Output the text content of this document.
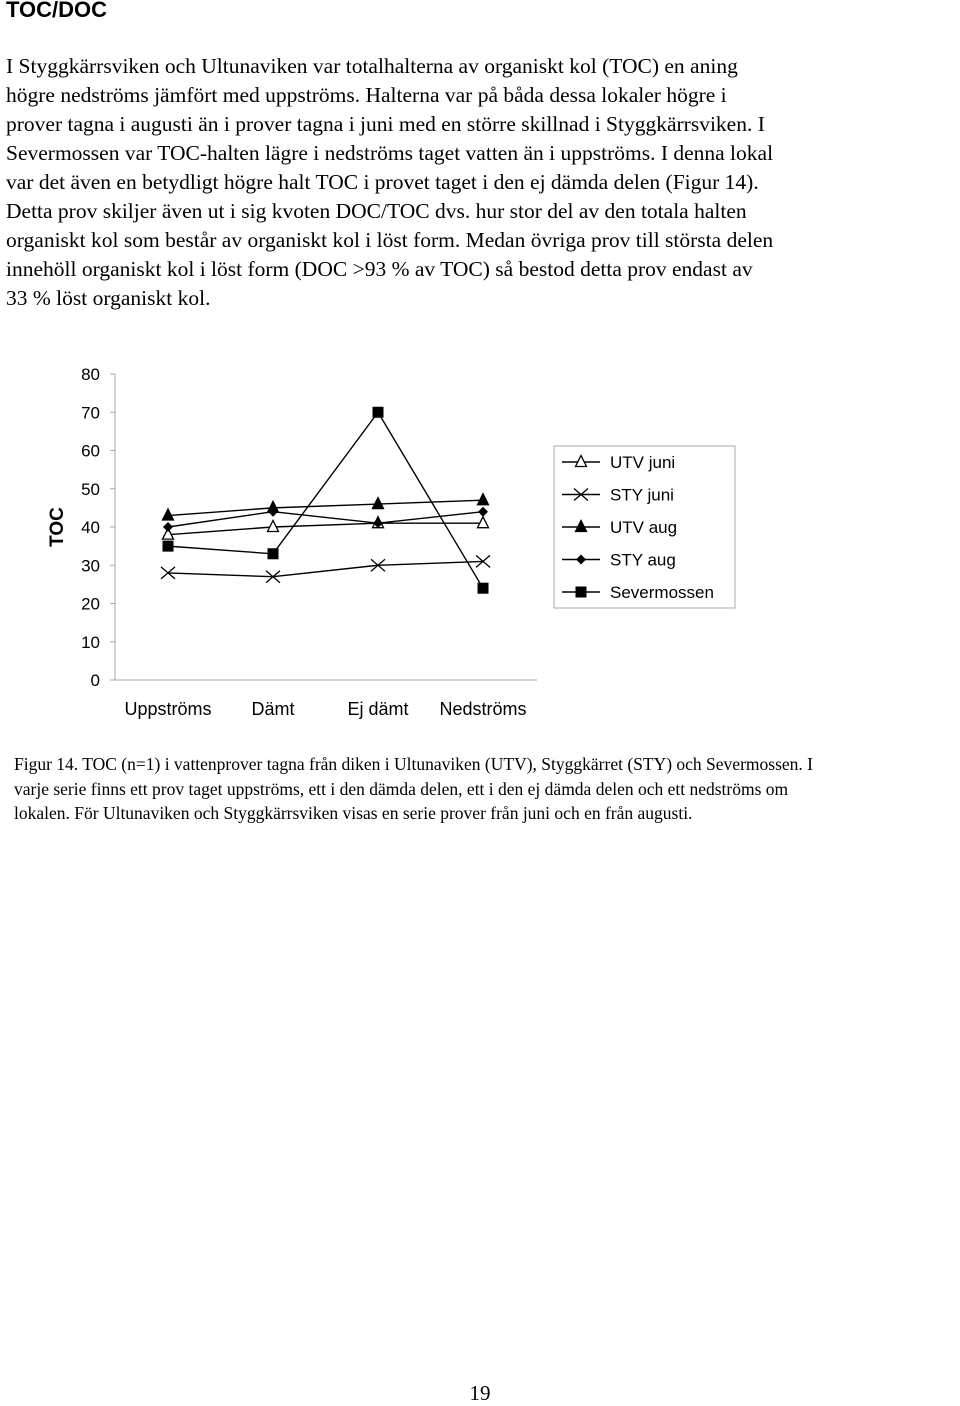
TOC/DOC

I Styggkärrsviken och Ultunaviken var totalhalterna av organiskt kol (TOC) en aning
högre nedströms jämfört med uppströms. Halterna var på båda dessa lokaler högre i
prover tagna i augusti än i prover tagna i juni med en större skillnad i Styggkärrsviken. I
Severmossen var TOC-halten lägre i nedströms taget vatten än i uppströms. I denna lokal
var det även en betydligt högre halt TOC i provet taget i den ej dämda delen (Figur 14).
Detta prov skiljer även ut i sig kvoten DOC/TOC dvs. hur stor del av den totala halten
organiskt kol som består av organiskt kol i löst form. Medan övriga prov till största delen
innehöll organiskt kol i löst form (DOC >93 % av TOC) så bestod detta prov endast av
33 % löst organiskt kol.

0
10
20
30
40
50
60
70
80
TOC
Uppströms Dämt	Ej dämt Nedströms
UTV juni
STY juni
UTV aug
STY aug
Severmossen

Figur 14. TOC (n=1) i vattenprover tagna från diken i Ultunaviken (UTV), Styggkärret (STY) och Severmossen. I
varje serie finns ett prov taget uppströms, ett i den dämda delen, ett i den ej dämda delen och ett nedströms om
lokalen. För Ultunaviken och Styggkärrsviken visas en serie prover från juni och en från augusti.

19
